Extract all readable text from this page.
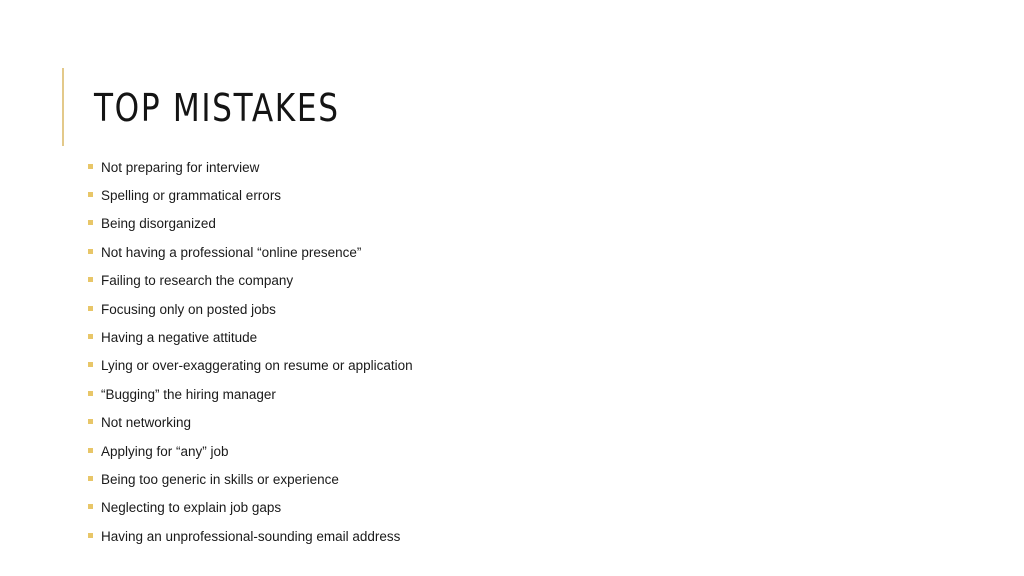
TOP MISTAKES
Not preparing for interview
Spelling or grammatical errors
Being disorganized
Not having a professional “online presence”
Failing to research the company
Focusing only on posted jobs
Having a negative attitude
Lying or over-exaggerating on resume or application
“Bugging” the hiring manager
Not networking
Applying for “any” job
Being too generic in skills or experience
Neglecting to explain job gaps
Having an unprofessional-sounding email address
